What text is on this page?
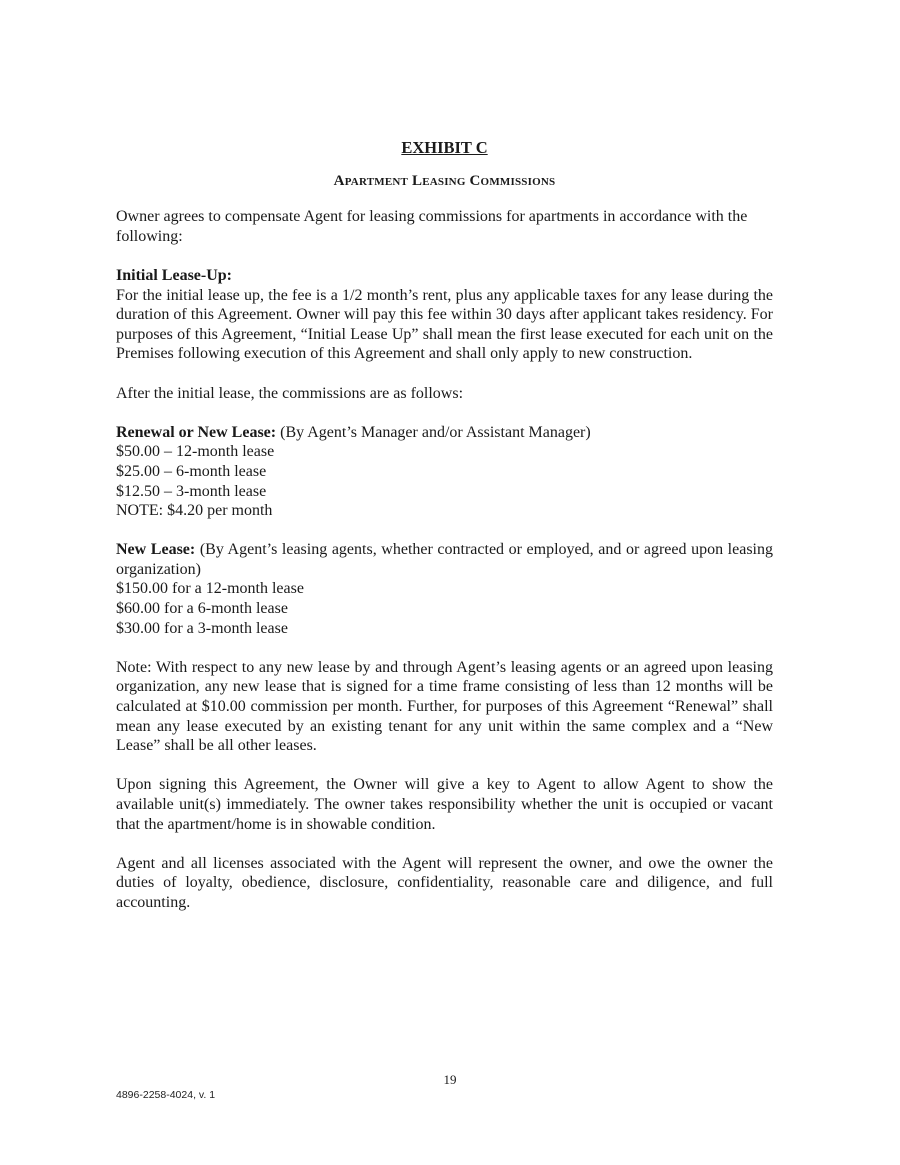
EXHIBIT C
Apartment Leasing Commissions

Owner agrees to compensate Agent for leasing commissions for apartments in accordance with the following:

Initial Lease-Up:

For the initial lease up, the fee is a 1/2 month’s rent, plus any applicable taxes for any lease during the duration of this Agreement. Owner will pay this fee within 30 days after applicant takes residency. For purposes of this Agreement, “Initial Lease Up” shall mean the first lease executed for each unit on the Premises following execution of this Agreement and shall only apply to new construction.

After the initial lease, the commissions are as follows:

Renewal or New Lease: (By Agent’s Manager and/or Assistant Manager)

$50.00 – 12-month lease
$25.00 – 6-month lease
$12.50 – 3-month lease
NOTE: $4.20 per month

New Lease: (By Agent’s leasing agents, whether contracted or employed, and or agreed upon leasing organization)

$150.00 for a 12-month lease
$60.00 for a 6-month lease
$30.00 for a 3-month lease

Note: With respect to any new lease by and through Agent’s leasing agents or an agreed upon leasing organization, any new lease that is signed for a time frame consisting of less than 12 months will be calculated at $10.00 commission per month. Further, for purposes of this Agreement “Renewal” shall mean any lease executed by an existing tenant for any unit within the same complex and a “New Lease” shall be all other leases.

Upon signing this Agreement, the Owner will give a key to Agent to allow Agent to show the available unit(s) immediately. The owner takes responsibility whether the unit is occupied or vacant that the apartment/home is in showable condition.

Agent and all licenses associated with the Agent will represent the owner, and owe the owner the duties of loyalty, obedience, disclosure, confidentiality, reasonable care and diligence, and full accounting.

19
4896-2258-4024, v. 1
